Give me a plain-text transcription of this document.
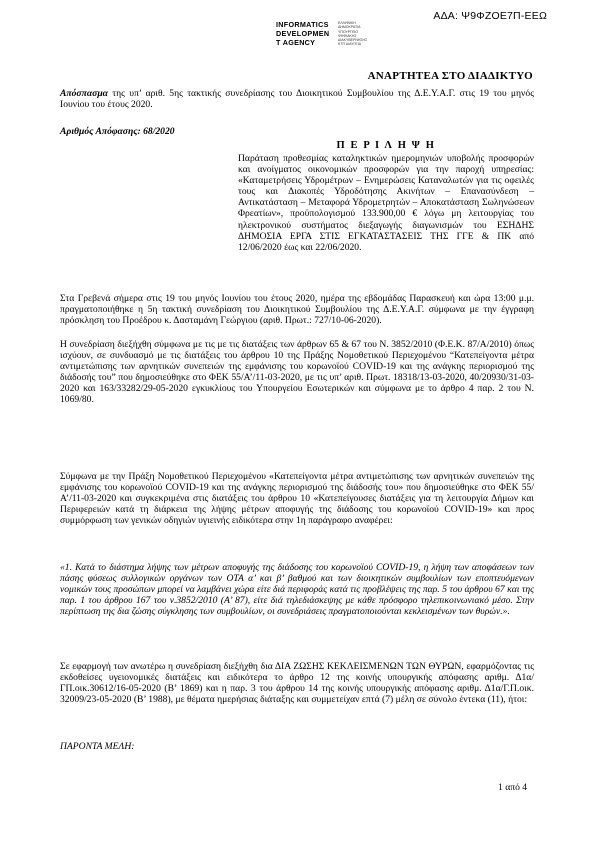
ΑΔΑ: Ψ9ΦΖΟΕ7Π-ΕΕΩ
INFORMATICS
DEVELOPMEN
T AGENCY
ΕΛΛΗΝΙΚΗ ΔΗΜΟΚΡΑΤΙΑ ΥΠΟΥΡΓΕΙΟ ΨΗΦΙΑΚΗΣ ΔΙΑΚΥΒΕΡΝΗΣΗΣ ΚΤΠ ΔΙΑΥΓΕΙΑ
ΑΝΑΡΤΗΤΕΑ ΣΤΟ ΔΙΑΔΙΚΤΥΟ
Απόσπασμα της υπ’ αριθ. 5ης τακτικής συνεδρίασης του Διοικητικού Συμβουλίου της Δ.Ε.Υ.Α.Γ. στις 19 του μηνός Ιουνίου του έτους 2020.
Αριθμός Απόφασης: 68/2020
Π Ε Ρ Ι Λ Η Ψ Η
Παράταση προθεσμίας καταληκτικών ημερομηνιών υποβολής προσφορών και ανοίγματος οικονομικών προσφορών για την παροχή υπηρεσίας: «Καταμετρήσεις Υδρομέτρων – Ενημερώσεις Καταναλωτών για τις οφειλές τους και Διακοπές Υδροδότησης Ακινήτων – Επανασύνδεση – Αντικατάσταση – Μεταφορά Υδρομετρητών – Αποκατάσταση Σωληνώσεων Φρεατίων», προϋπολογισμού 133.900,00 € λόγω μη λειτουργίας του ηλεκτρονικού συστήματος διεξαγωγής διαγωνισμών του ΕΣΗΔΗΣ ΔΗΜΟΣΙΑ ΕΡΓΑ ΣΤΙΣ ΕΓΚΑΤΑΣΤΑΣΕΙΣ ΤΗΣ ΓΓΕ & ΠΚ από 12/06/2020 έως και 22/06/2020.
Στα Γρεβενά σήμερα στις 19 του μηνός Ιουνίου του έτους 2020, ημέρα της εβδομάδας Παρασκευή και ώρα 13:00 μ.μ. πραγματοποιήθηκε η 5η τακτική συνεδρίαση του Διοικητικού Συμβουλίου της Δ.Ε.Υ.Α.Γ. σύμφωνα με την έγγραφη πρόσκληση του Προέδρου κ. Δασταμάνη Γεώργιου (αριθ. Πρωτ.: 727/10-06-2020).
Η συνεδρίαση διεξήχθη σύμφωνα με τις με τις διατάξεις των άρθρων 65 & 67 του Ν. 3852/2010 (Φ.Ε.Κ. 87/Α/2010) όπως ισχύουν, σε συνδυασμό με τις διατάξεις του άρθρου 10 της Πράξης Νομοθετικού Περιεχομένου “Κατεπείγοντα μέτρα αντιμετώπισης των αρνητικών συνεπειών της εμφάνισης του κορωνοϊού COVID-19 και της ανάγκης περιορισμού της διάδοσής του” που δημοσιεύθηκε στο ΦΕΚ 55/Α’/11-03-2020, με τις υπ’ αριθ. Πρωτ. 18318/13-03-2020, 40/20930/31-03-2020 και 163/33282/29-05-2020 εγκυκλίους του Υπουργείου Εσωτερικών και σύμφωνα με το άρθρο 4 παρ. 2 του Ν. 1069/80.
Σύμφωνα με την Πράξη Νομοθετικού Περιεχομένου «Κατεπείγοντα μέτρα αντιμετώπισης των αρνητικών συνεπειών της εμφάνισης του κορωνοϊού COVID-19 και της ανάγκης περιορισμού της διάδοσής του» που δημοσιεύθηκε στο ΦΕΚ 55/Α’/11-03-2020 και συγκεκριμένα στις διατάξεις του άρθρου 10 «Κατεπείγουσες διατάξεις για τη λειτουργία Δήμων και Περιφερειών κατά τη διάρκεια της λήψης μέτρων αποφυγής της διάδοσης του κορωνοϊού COVID-19» και προς συμμόρφωση των γενικών οδηγιών υγιεινής ειδικότερα στην 1η παράγραφο αναφέρει:
«1. Κατά το διάστημα λήψης των μέτρων αποφυγής της διάδοσης του κορωνοϊού COVID-19, η λήψη των αποφάσεων των πάσης φύσεως συλλογικών οργάνων των ΟΤΑ α’ και β’ βαθμού και των διοικητικών συμβουλίων των εποπτευόμενων νομικών τους προσώπων μπορεί να λαμβάνει χώρα είτε διά περιφοράς κατά τις προβλέψεις της παρ. 5 του άρθρου 67 και της παρ. 1 του άρθρου 167 του ν.3852/2010 (Α’ 87), είτε διά τηλεδιάσκεψης με κάθε πρόσφορο τηλεπικοινωνιακό μέσο. Στην περίπτωση της δια ζώσης σύγκλησης των συμβουλίων, οι συνεδριάσεις πραγματοποιούνται κεκλεισμένων των θυρών.».
Σε εφαρμογή των ανωτέρω η συνεδρίαση διεξήχθη δια ΔΙΑ ΖΩΣΗΣ ΚΕΚΛΕΙΣΜΕΝΩΝ ΤΩΝ ΘΥΡΩΝ, εφαρμόζοντας τις εκδοθείσες υγειονομικές διατάξεις και ειδικότερα το άρθρο 12 της κοινής υπουργικής απόφασης αριθμ. Δ1α/ΓΠ.οικ.30612/16-05-2020 (Β’ 1869) και η παρ. 3 του άρθρου 14 της κοινής υπουργικής απόφασης αριθμ. Δ1α/Γ.Π.οικ. 32009/23-05-2020 (Β’ 1988), με θέματα ημερήσιας διάταξης και συμμετείχαν επτά (7) μέλη σε σύνολο έντεκα (11), ήτοι:
ΠΑΡΟΝΤΑ ΜΕΛΗ:
1 από 4
